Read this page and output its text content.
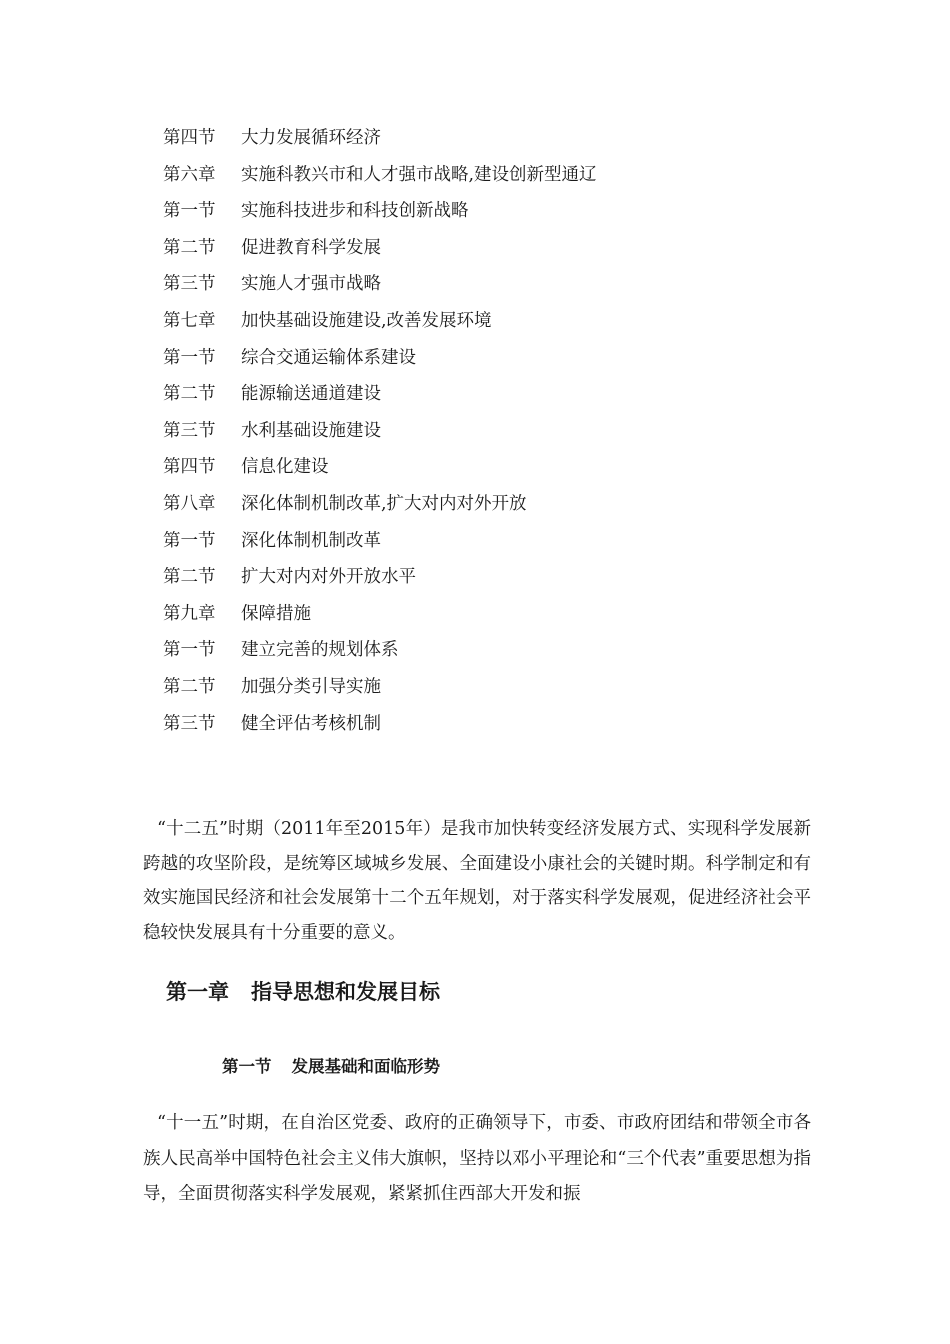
第四节 大力发展循环经济
第六章 实施科教兴市和人才强市战略,建设创新型通辽
第一节 实施科技进步和科技创新战略
第二节 促进教育科学发展
第三节 实施人才强市战略
第七章 加快基础设施建设,改善发展环境
第一节 综合交通运输体系建设
第二节 能源输送通道建设
第三节 水利基础设施建设
第四节 信息化建设
第八章 深化体制机制改革,扩大对内对外开放
第一节 深化体制机制改革
第二节 扩大对内对外开放水平
第九章 保障措施
第一节 建立完善的规划体系
第二节 加强分类引导实施
第三节 健全评估考核机制

“十二五”时期（2011年至2015年）是我市加快转变经济发展方式、实现科学发展新跨越的攻坚阶段，是统筹区域城乡发展、全面建设小康社会的关键时期。科学制定和有效实施国民经济和社会发展第十二个五年规划，对于落实科学发展观，促进经济社会平稳较快发展具有十分重要的意义。

第一章 指导思想和发展目标
第一节 发展基础和面临形势

“十一五”时期，在自治区党委、政府的正确领导下，市委、市政府团结和带领全市各族人民高举中国特色社会主义伟大旗帜，坚持以邓小平理论和“三个代表”重要思想为指导，全面贯彻落实科学发展观，紧紧抓住西部大开发和振
